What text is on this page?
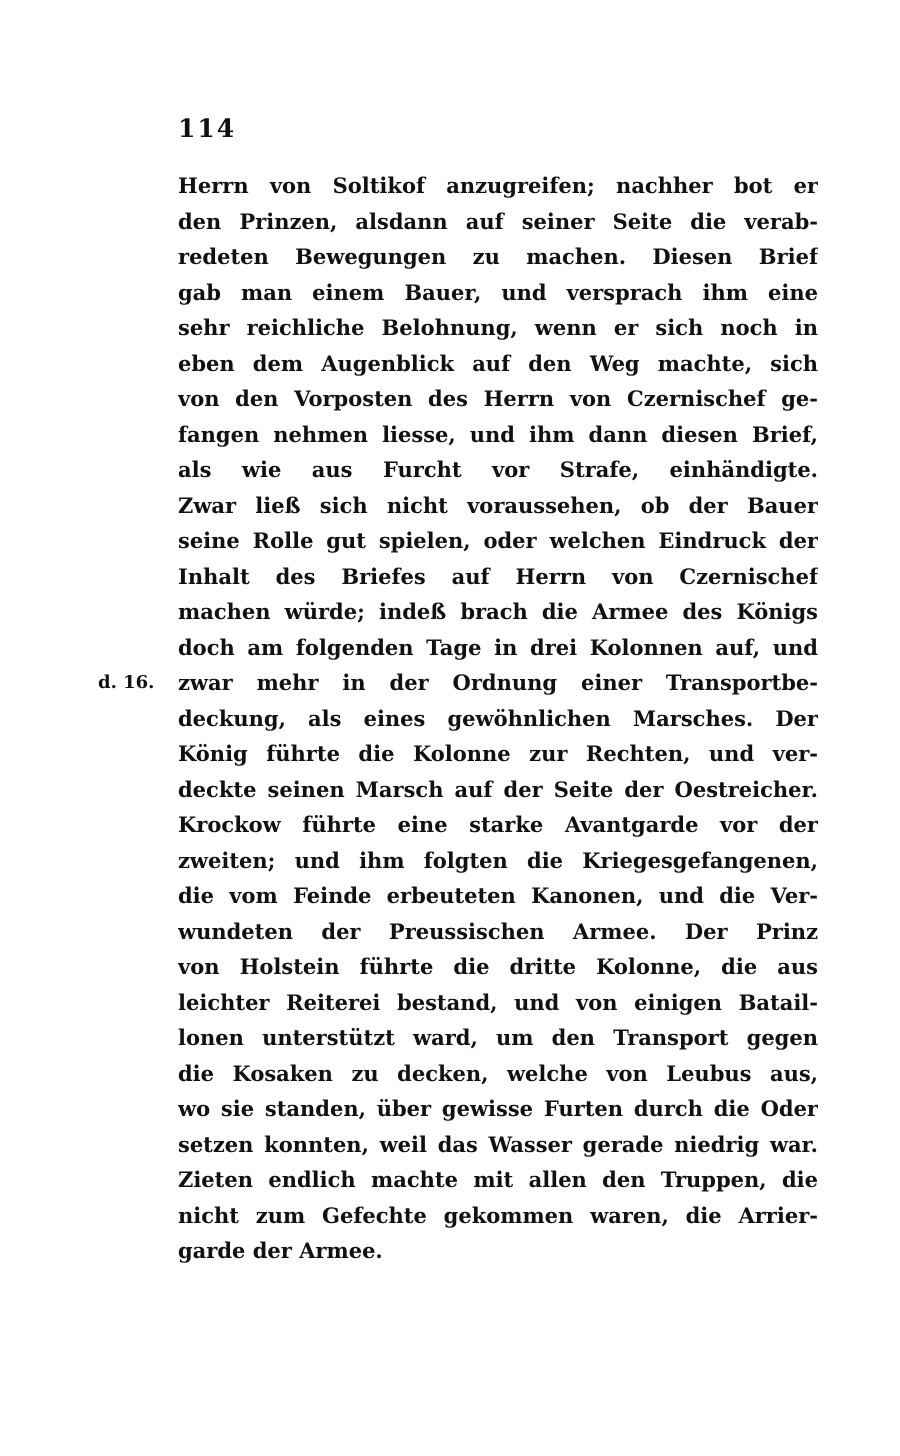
114
d. 16.
Herrn von Soltikof anzugreifen; nachher bot er
den Prinzen, alsdann auf seiner Seite die verab-
redeten Bewegungen zu machen. Diesen Brief
gab man einem Bauer, und versprach ihm eine
sehr reichliche Belohnung, wenn er sich noch in
eben dem Augenblick auf den Weg machte, sich
von den Vorposten des Herrn von Czernischef ge-
fangen nehmen liesse, und ihm dann diesen Brief,
als wie aus Furcht vor Strafe, einhändigte.
Zwar ließ sich nicht voraussehen, ob der Bauer
seine Rolle gut spielen, oder welchen Eindruck der
Inhalt des Briefes auf Herrn von Czernischef
machen würde; indeß brach die Armee des Königs
doch am folgenden Tage in drei Kolonnen auf, und
zwar mehr in der Ordnung einer Transportbe-
deckung, als eines gewöhnlichen Marsches. Der
König führte die Kolonne zur Rechten, und ver-
deckte seinen Marsch auf der Seite der Oestreicher.
Krockow führte eine starke Avantgarde vor der
zweiten; und ihm folgten die Kriegesgefangenen,
die vom Feinde erbeuteten Kanonen, und die Ver-
wundeten der Preussischen Armee. Der Prinz
von Holstein führte die dritte Kolonne, die aus
leichter Reiterei bestand, und von einigen Batail-
lonen unterstützt ward, um den Transport gegen
die Kosaken zu decken, welche von Leubus aus,
wo sie standen, über gewisse Furten durch die Oder
setzen konnten, weil das Wasser gerade niedrig war.
Zieten endlich machte mit allen den Truppen, die
nicht zum Gefechte gekommen waren, die Arrier-
garde der Armee.
